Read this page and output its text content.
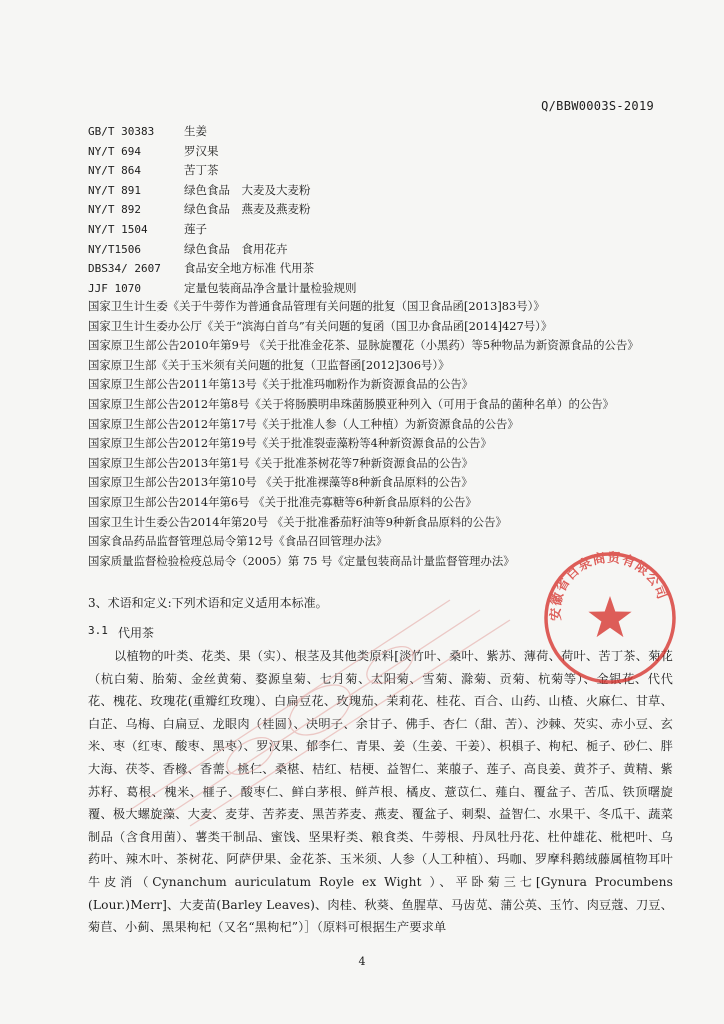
Q/BBW0003S-2019
GB/T 30383	生姜
NY/T 694	罗汉果
NY/T 864	苦丁茶
NY/T 891	绿色食品　大麦及大麦粉
NY/T 892	绿色食品　燕麦及燕麦粉
NY/T 1504	莲子
NY/T1506	绿色食品　食用花卉
DBS34/ 2607	食品安全地方标准 代用茶
JJF 1070	定量包装商品净含量计量检验规则
国家卫生计生委《关于牛蒡作为普通食品管理有关问题的批复（国卫食品函[2013]83号）》
国家卫生计生委办公厅《关于“滨海白首乌”有关问题的复函（国卫办食品函[2014]427号）》
国家原卫生部公告2010年第9号 《关于批准金花茶、显脉旋覆花（小黑药）等5种物品为新资源食品的公告》
国家原卫生部《关于玉米须有关问题的批复（卫监督函[2012]306号）》
国家原卫生部公告2011年第13号《关于批准玛咖粉作为新资源食品的公告》
国家原卫生部公告2012年第8号《关于将肠膜明串珠菌肠膜亚种列入（可用于食品的菌种名单）的公告》
国家原卫生部公告2012年第17号《关于批准人参（人工种植）为新资源食品的公告》
国家原卫生部公告2012年第19号《关于批准裂壶藻粉等4种新资源食品的公告》
国家原卫生部公告2013年第1号《关于批准茶树花等7种新资源食品的公告》
国家原卫生部公告2013年第10号 《关于批准裸藻等8种新食品原料的公告》
国家原卫生部公告2014年第6号 《关于批准壳寡糖等6种新食品原料的公告》
国家卫生计生委公告2014年第20号 《关于批准番茄籽油等9种新食品原料的公告》
国家食品药品监督管理总局令第12号《食品召回管理办法》
国家质量监督检验检疫总局令（2005）第 75 号《定量包装商品计量监督管理办法》
3、术语和定义:下列术语和定义适用本标准。
3.1 代用茶
以植物的叶类、花类、果（实）、根茎及其他类原料[淡竹叶、桑叶、紫苏、薄荷、荷叶、苦丁茶、菊花（杭白菊、胎菊、金丝黄菊、婺源皇菊、七月菊、太阳菊、雪菊、滁菊、贡菊、杭菊等）、金银花、代代花、槐花、玫瑰花(重瓣红玫瑰）、白扁豆花、玫瑰茄、茉莉花、桂花、百合、山药、山楂、火麻仁、甘草、白芷、乌梅、白扁豆、龙眼肉（桂圆）、决明子、余甘子、佛手、杏仁（甜、苦）、沙棘、芡实、赤小豆、玄米、枣（红枣、酸枣、黑枣）、罗汉果、郁李仁、青果、姜（生姜、干姜）、枳椇子、枸杞、栀子、砂仁、胖大海、茯苓、香橼、香薷、桃仁、桑椹、桔红、桔梗、益智仁、莱菔子、莲子、高良姜、黄芥子、黄精、紫苏籽、葛根、槐米、榧子、酸枣仁、鲜白茅根、鲜芦根、橘皮、薏苡仁、薤白、覆盆子、苦瓜、铁顶曙旋覆、极大螺旋藻、大麦、麦芽、苦荞麦、黑苦荞麦、燕麦、覆盆子、刺梨、益智仁、水果干、冬瓜干、蔬菜制品（含食用菌）、薯类干制品、蜜饯、坚果籽类、粮食类、牛蒡根、丹凤牡丹花、杜仲雄花、枇杷叶、乌药叶、辣木叶、茶树花、阿萨伊果、金花茶、玉米须、人参（人工种植）、玛咖、罗摩科鹅绒藤属植物耳叶牛皮消（Cynanchum auriculatum Royle ex Wight ）、平卧菊三七[Gynura Procumbens (Lour.)Merr]、大麦苗(Barley Leaves)、肉桂、秋葵、鱼腥草、马齿苋、蒲公英、玉竹、肉豆蔻、刀豆、菊苣、小蓟、黑果枸杞（又名“黑枸杞”）］（原料可根据生产要求单
4
安徽省百泉商贸有限公司
